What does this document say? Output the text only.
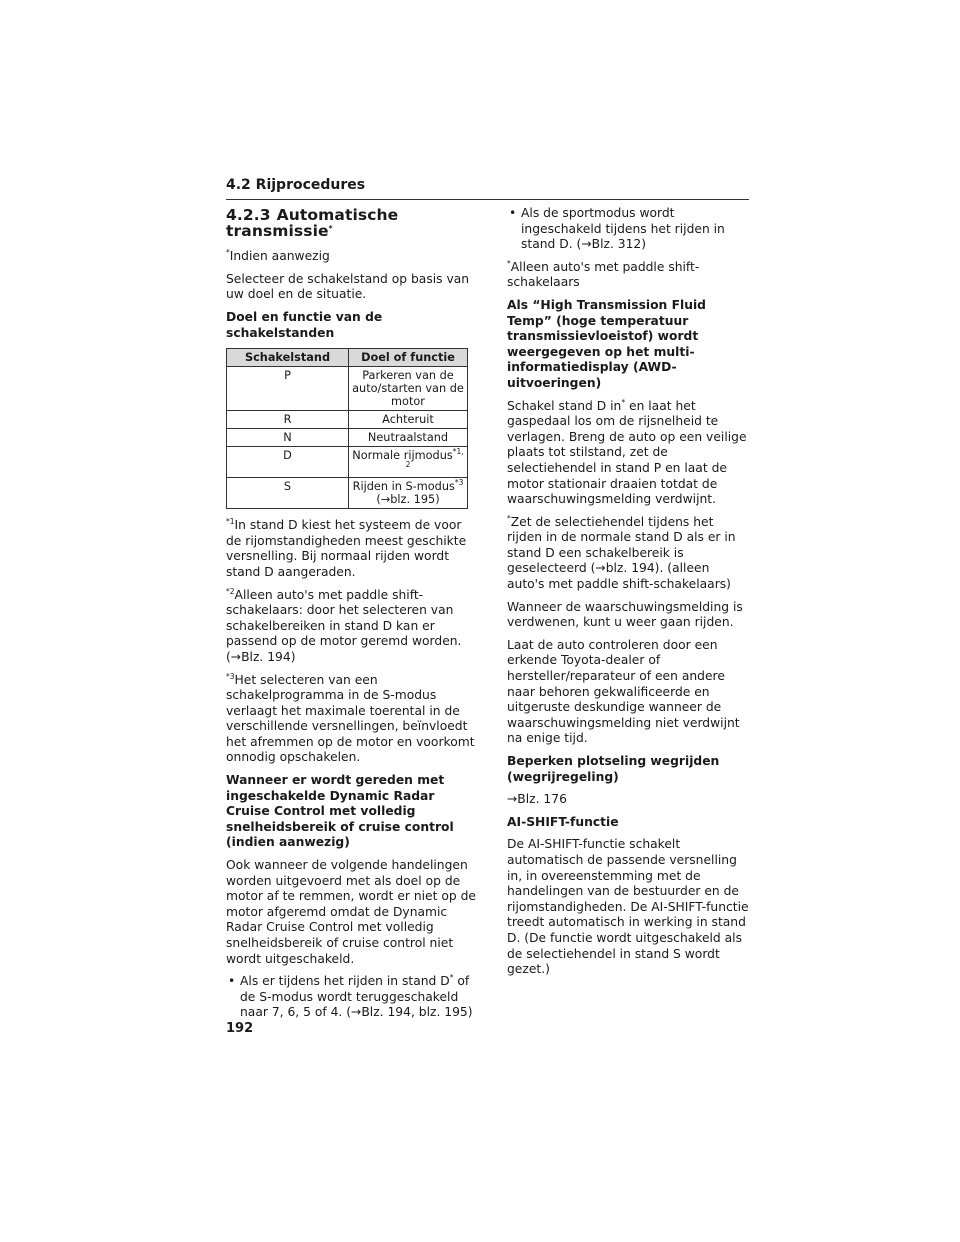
4.2 Rijprocedures
4.2.3 Automatische transmissie*

*Indien aanwezig

Selecteer de schakelstand op basis van uw doel en de situatie.

Doel en functie van de schakelstanden

Schakelstand	Doel of functie
P	Parkeren van de auto/starten van de motor
R	Achteruit
N	Neutraalstand
D	Normale rijmodus$^{*1, 2}$
S	Rijden in S-modus$^{*3}$
(→blz. 195)

$^{*1}$In stand D kiest het systeem de voor de rijomstandigheden meest geschikte versnelling. Bij normaal rijden wordt stand D aangeraden.

$^{*2}$Alleen auto's met paddle shift-schakelaars: door het selecteren van schakelbereiken in stand D kan er passend op de motor geremd worden. (→Blz. 194)

$^{*3}$Het selecteren van een schakelprogramma in de S-modus verlaagt het maximale toerental in de verschillende versnellingen, beïnvloedt het afremmen op de motor en voorkomt onnodig opschakelen.

Wanneer er wordt gereden met ingeschakelde Dynamic Radar Cruise Control met volledig snelheidsbereik of cruise control (indien aanwezig)

Ook wanneer de volgende handelingen worden uitgevoerd met als doel op de motor af te remmen, wordt er niet op de motor afgeremd omdat de Dynamic Radar Cruise Control met volledig snelheidsbereik of cruise control niet wordt uitgeschakeld.

• Als er tijdens het rijden in stand D* of de S-modus wordt teruggeschakeld naar 7, 6, 5 of 4. (→Blz. 194, blz. 195)
• Als de sportmodus wordt ingeschakeld tijdens het rijden in stand D. (→Blz. 312)

*Alleen auto's met paddle shift-schakelaars

Als “High Transmission Fluid Temp” (hoge temperatuur transmissievloeistof) wordt weergegeven op het multi-informatiedisplay (AWD-uitvoeringen)

Schakel stand D in* en laat het gaspedaal los om de rijsnelheid te verlagen. Breng de auto op een veilige plaats tot stilstand, zet de selectiehendel in stand P en laat de motor stationair draaien totdat de waarschuwingsmelding verdwijnt.

*Zet de selectiehendel tijdens het rijden in de normale stand D als er in stand D een schakelbereik is geselecteerd (→blz. 194). (alleen auto's met paddle shift-schakelaars)

Wanneer de waarschuwingsmelding is verdwenen, kunt u weer gaan rijden.

Laat de auto controleren door een erkende Toyota-dealer of hersteller/reparateur of een andere naar behoren gekwalificeerde en uitgeruste deskundige wanneer de waarschuwingsmelding niet verdwijnt na enige tijd.

Beperken plotseling wegrijden (wegrijregeling)

→Blz. 176

AI-SHIFT-functie

De AI-SHIFT-functie schakelt automatisch de passende versnelling in, in overeenstemming met de handelingen van de bestuurder en de rijomstandigheden. De AI-SHIFT-functie treedt automatisch in werking in stand D. (De functie wordt uitgeschakeld als de selectiehendel in stand S wordt gezet.)

192
